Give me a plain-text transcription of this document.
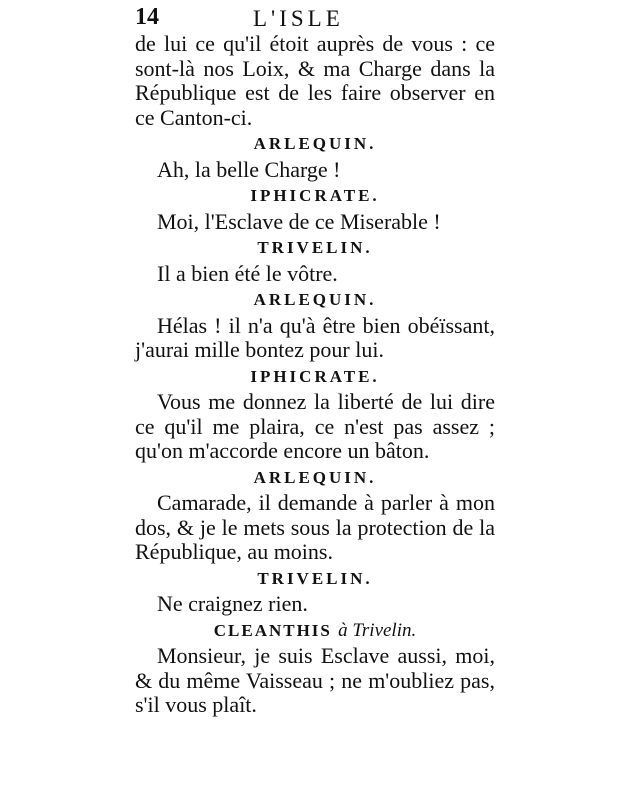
14	L'ISLE
de lui ce qu'il étoit auprès de vous : ce sont-là nos Loix, & ma Charge dans la République est de les faire observer en ce Canton-ci.
ARLEQUIN.
Ah, la belle Charge !
IPHICRATE.
Moi, l'Esclave de ce Miserable !
TRIVELIN.
Il a bien été le vôtre.
ARLEQUIN.
Hélas ! il n'a qu'à être bien obéïssant, j'aurai mille bontez pour lui.
IPHICRATE.
Vous me donnez la liberté de lui dire ce qu'il me plaira, ce n'est pas assez ; qu'on m'accorde encore un bâton.
ARLEQUIN.
Camarade, il demande à parler à mon dos, & je le mets sous la protection de la République, au moins.
TRIVELIN.
Ne craignez rien.
CLEANTHIS à Trivelin.
Monsieur, je suis Esclave aussi, moi, & du même Vaisseau ; ne m'oubliez pas, s'il vous plaît.
